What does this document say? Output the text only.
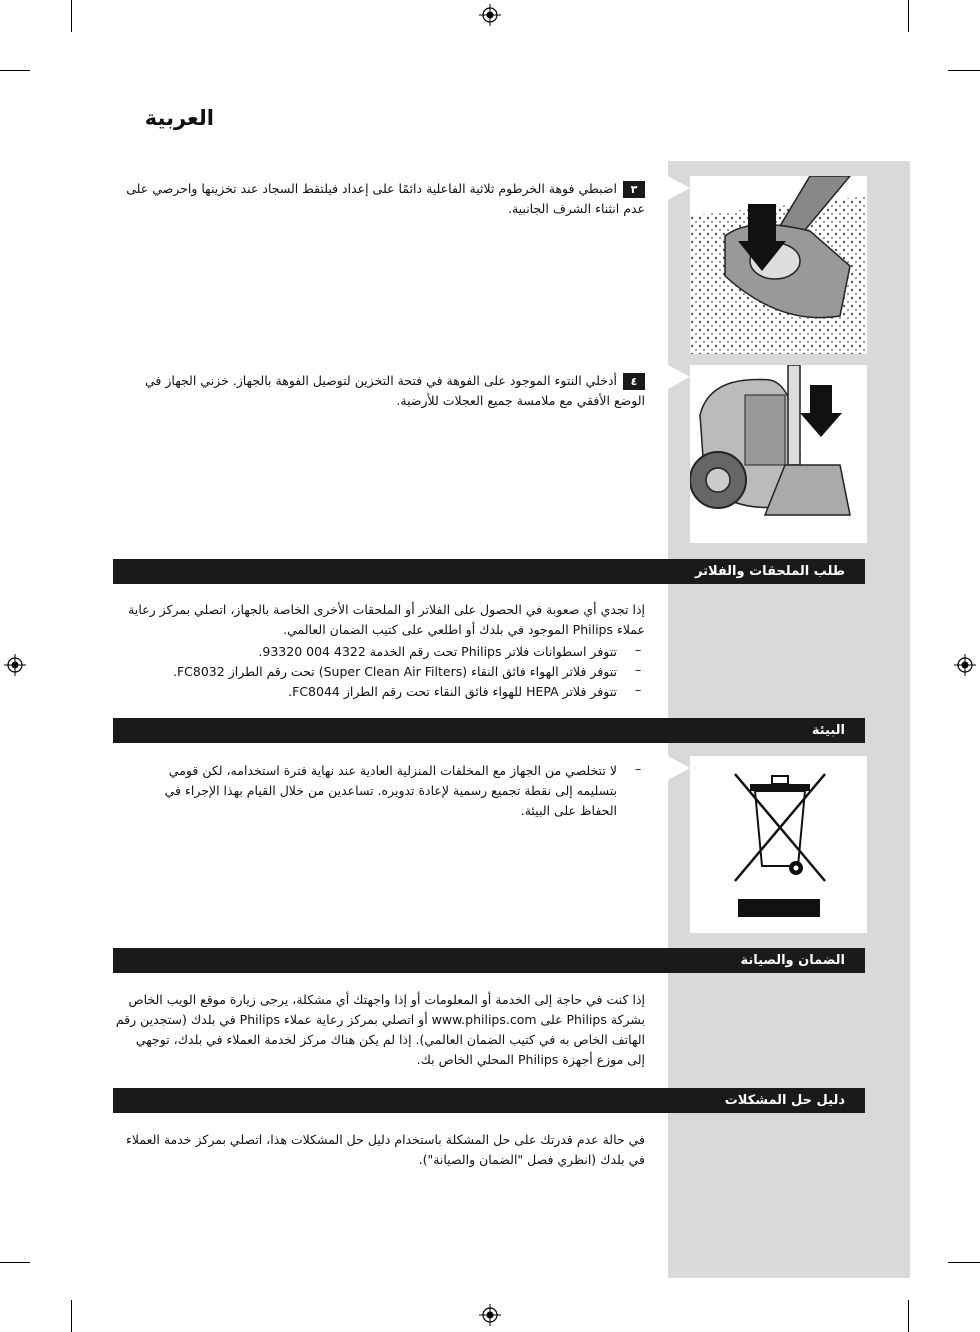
العربية
٣اضبطي فوهة الخرطوم ثلاثية الفاعلية دائمًا على إعداد فيلتقط السجاد عند تخزينها واحرصي على عدم انثناء الشرف الجانبية.
٤أدخلي النتوء الموجود على الفوهة في فتحة التخزين لتوصيل الفوهة بالجهاز. خزني الجهاز في الوضع الأفقي مع ملامسة جميع العجلات للأرضية.
طلب الملحقات والفلاتر
إذا تجدي أي صعوبة في الحصول على الفلاتر أو الملحقات الأخرى الخاصة بالجهاز، اتصلي بمركز رعاية عملاء Philips الموجود في بلدك أو اطلعي على كتيب الضمان العالمي.
–
تتوفر اسطوانات فلاتر Philips تحت رقم الخدمة 4322 004 93320.
–
تتوفر فلاتر الهواء فائق النقاء (Super Clean Air Filters) تحت رقم الطراز FC8032.
–
تتوفر فلاتر HEPA للهواء فائق النقاء تحت رقم الطراز FC8044.
البيئة
–
لا تتخلصي من الجهاز مع المخلفات المنزلية العادية عند نهاية فترة استخدامه، لكن قومي بتسليمه إلى نقطة تجميع رسمية لإعادة تدويره. تساعدين من خلال القيام بهذا الإجراء في الحفاظ على البيئة.
الضمان والصيانة
إذا كنت في حاجة إلى الخدمة أو المعلومات أو إذا واجهتك أي مشكلة، يرجى زيارة موقع الويب الخاص بشركة Philips على www.philips.com أو اتصلي بمركز رعاية عملاء Philips في بلدك (ستجدين رقم الهاتف الخاص به في كتيب الضمان العالمي). إذا لم يكن هناك مركز لخدمة العملاء في بلدك، توجهي إلى موزع أجهزة Philips المحلي الخاص بك.
دليل حل المشكلات
في حالة عدم قدرتك على حل المشكلة باستخدام دليل حل المشكلات هذا، اتصلي بمركز خدمة العملاء في بلدك (انظري فصل "الضمان والصيانة").
